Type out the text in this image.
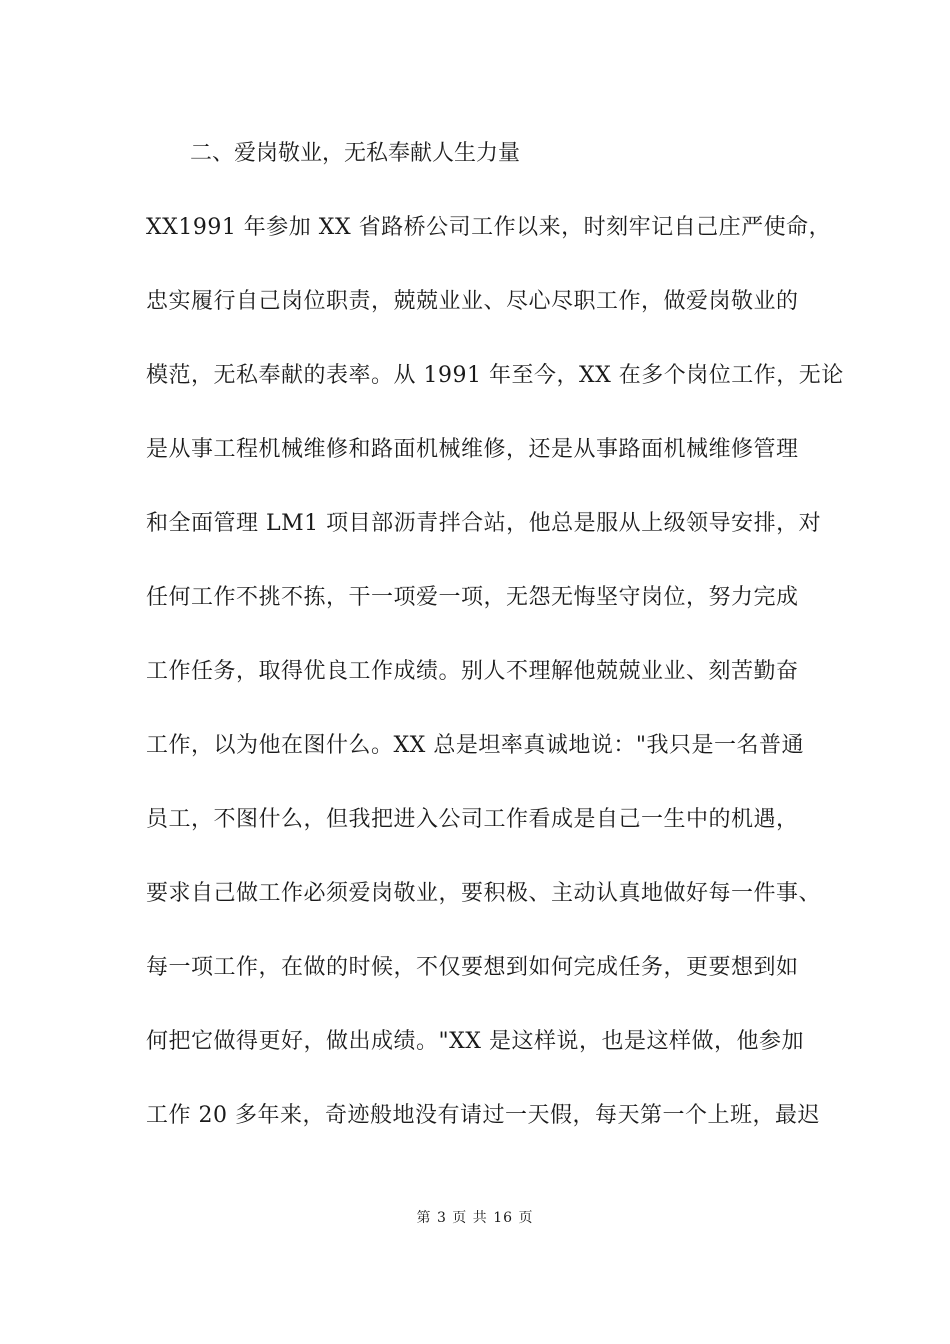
二、爱岗敬业，无私奉献人生力量
XX1991 年参加 XX 省路桥公司工作以来，时刻牢记自己庄严使命，
忠实履行自己岗位职责，兢兢业业、尽心尽职工作，做爱岗敬业的
模范，无私奉献的表率。从 1991 年至今，XX 在多个岗位工作，无论
是从事工程机械维修和路面机械维修，还是从事路面机械维修管理
和全面管理 LM1 项目部沥青拌合站，他总是服从上级领导安排，对
任何工作不挑不拣，干一项爱一项，无怨无悔坚守岗位，努力完成
工作任务，取得优良工作成绩。别人不理解他兢兢业业、刻苦勤奋
工作，以为他在图什么。XX 总是坦率真诚地说："我只是一名普通
员工，不图什么，但我把进入公司工作看成是自己一生中的机遇，
要求自己做工作必须爱岗敬业，要积极、主动认真地做好每一件事、
每一项工作，在做的时候，不仅要想到如何完成任务，更要想到如
何把它做得更好，做出成绩。"XX 是这样说，也是这样做，他参加
工作 20 多年来，奇迹般地没有请过一天假，每天第一个上班，最迟
第 3 页 共 16 页
